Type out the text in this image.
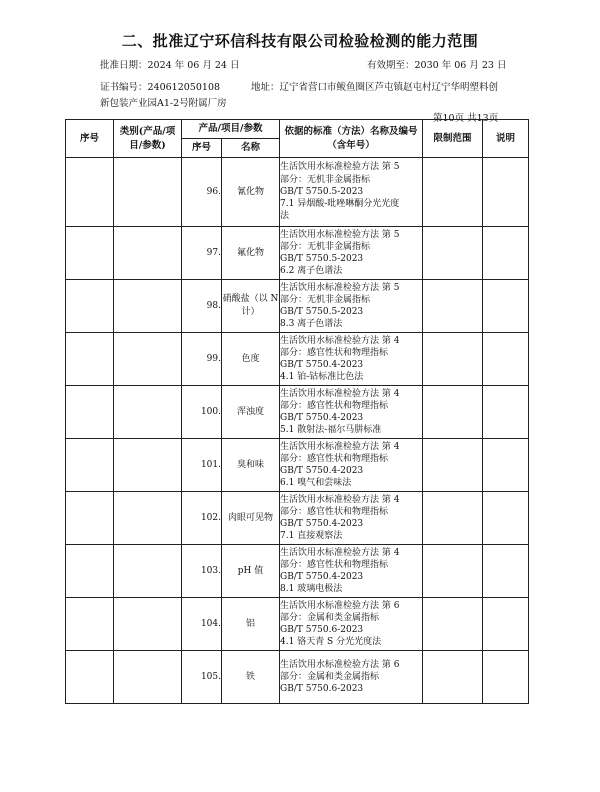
二、批准辽宁环信科技有限公司检验检测的能力范围
批准日期：2024 年 06 月 24 日	有效期至：2030 年 06 月 23 日
证书编号：240612050108	地址：辽宁省营口市鲅鱼圈区芦屯镇赵屯村辽宁华明塑料创
新包装产业园A1-2号附属厂房
第10页 共13页
序号	类别(产品/项目/参数)	产品/项目/参数		依据的标准（方法）名称及编号（含年号）	限制范围	说明
		序号	名称			
		96.	氰化物	生活饮用水标准检验方法 第 5
部分：无机非金属指标
GB/T 5750.5-2023
7.1 异烟酸-吡唑啉酮分光光度
法		

		97.	氟化物	生活饮用水标准检验方法 第 5
部分：无机非金属指标
GB/T 5750.5-2023
6.2 离子色谱法		

		98.	硝酸盐（以 N 计）	生活饮用水标准检验方法 第 5
部分：无机非金属指标
GB/T 5750.5-2023
8.3 离子色谱法		

		99.	色度	生活饮用水标准检验方法 第 4
部分：感官性状和物理指标
GB/T 5750.4-2023
4.1 铂-钴标准比色法		

		100.	浑浊度	生活饮用水标准检验方法 第 4
部分：感官性状和物理指标
GB/T 5750.4-2023
5.1 散射法-福尔马肼标准		

		101.	臭和味	生活饮用水标准检验方法 第 4
部分：感官性状和物理指标
GB/T 5750.4-2023
6.1 嗅气和尝味法		

		102.	肉眼可见物	生活饮用水标准检验方法 第 4
部分：感官性状和物理指标
GB/T 5750.4-2023
7.1 直接观察法		

		103.	pH 值	生活饮用水标准检验方法 第 4
部分：感官性状和物理指标
GB/T 5750.4-2023
8.1 玻璃电极法		

		104.	铝	生活饮用水标准检验方法 第 6
部分：金属和类金属指标
GB/T 5750.6-2023
4.1 铬天青 S 分光光度法		

		105.	铁	生活饮用水标准检验方法 第 6
部分：金属和类金属指标
GB/T 5750.6-2023		
